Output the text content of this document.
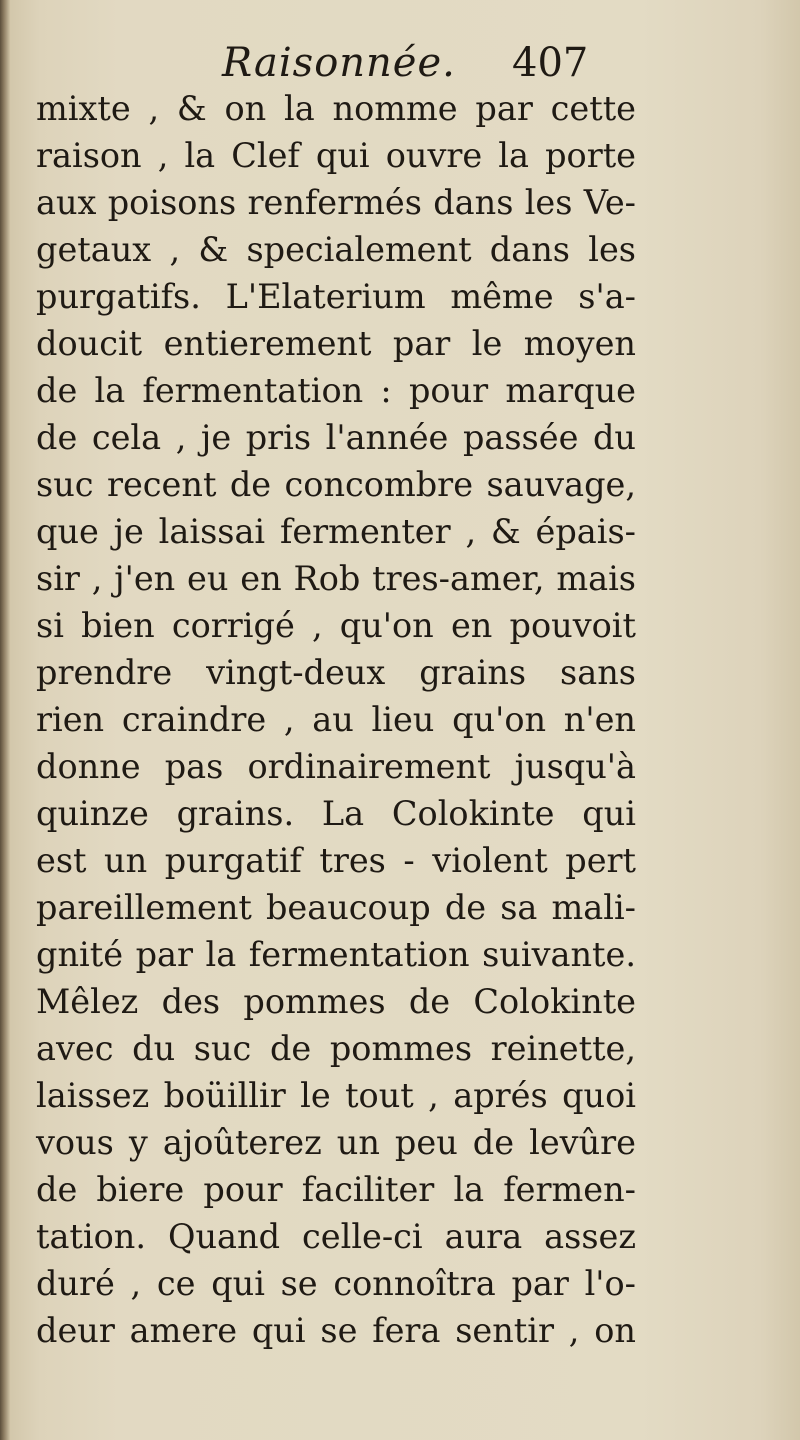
Raisonnée. 407
mixte , & on la nomme par cette
raison , la Clef qui ouvre la porte
aux poisons renfermés dans les Ve-
getaux , & specialement dans les
purgatifs. L'Elaterium même s'a-
doucit entierement par le moyen
de la fermentation : pour marque
de cela , je pris l'année passée du
suc recent de concombre sauvage,
que je laissai fermenter , & épais-
sir , j'en eu en Rob tres-amer, mais
si bien corrigé , qu'on en pouvoit
prendre vingt-deux grains sans
rien craindre , au lieu qu'on n'en
donne pas ordinairement jusqu'à
quinze grains. La Colokinte qui
est un purgatif tres - violent pert
pareillement beaucoup de sa mali-
gnité par la fermentation suivante.
Mêlez des pommes de Colokinte
avec du suc de pommes reinette,
laissez boüillir le tout , aprés quoi
vous y ajoûterez un peu de levûre
de biere pour faciliter la fermen-
tation. Quand celle-ci aura assez
duré , ce qui se connoîtra par l'o-
deur amere qui se fera sentir , on
